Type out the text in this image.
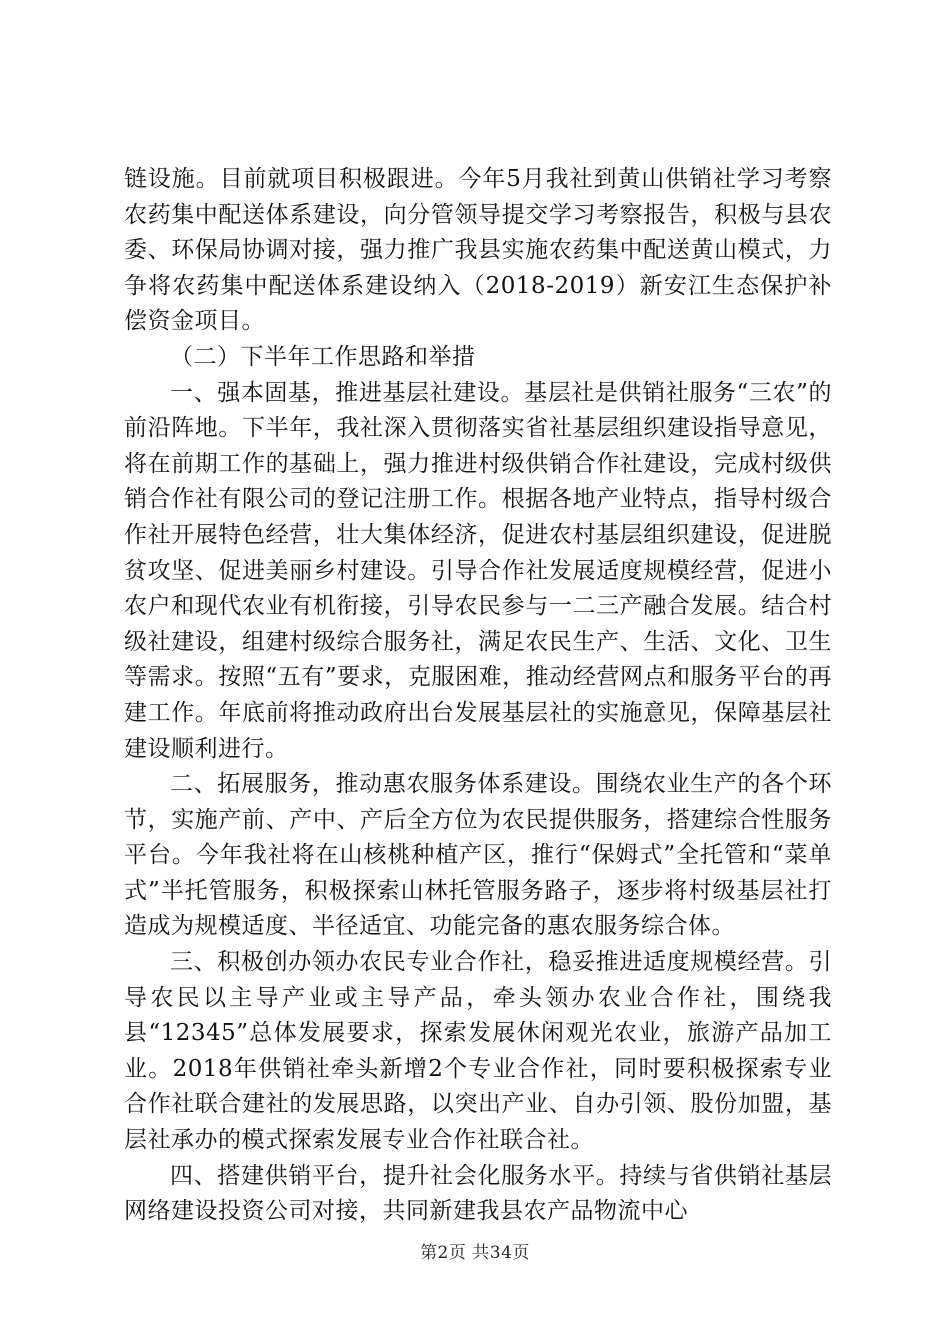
链设施。目前就项目积极跟进。今年5月我社到黄山供销社学习考察农药集中配送体系建设，向分管领导提交学习考察报告，积极与县农委、环保局协调对接，强力推广我县实施农药集中配送黄山模式，力争将农药集中配送体系建设纳入（2018-2019）新安江生态保护补偿资金项目。

（二）下半年工作思路和举措

一、强本固基，推进基层社建设。基层社是供销社服务“三农”的前沿阵地。下半年，我社深入贯彻落实省社基层组织建设指导意见，将在前期工作的基础上，强力推进村级供销合作社建设，完成村级供销合作社有限公司的登记注册工作。根据各地产业特点，指导村级合作社开展特色经营，壮大集体经济，促进农村基层组织建设，促进脱贫攻坚、促进美丽乡村建设。引导合作社发展适度规模经营，促进小农户和现代农业有机衔接，引导农民参与一二三产融合发展。结合村级社建设，组建村级综合服务社，满足农民生产、生活、文化、卫生等需求。按照“五有”要求，克服困难，推动经营网点和服务平台的再建工作。年底前将推动政府出台发展基层社的实施意见，保障基层社建设顺利进行。

二、拓展服务，推动惠农服务体系建设。围绕农业生产的各个环节，实施产前、产中、产后全方位为农民提供服务，搭建综合性服务平台。今年我社将在山核桃种植产区，推行“保姆式”全托管和“菜单式”半托管服务，积极探索山林托管服务路子，逐步将村级基层社打造成为规模适度、半径适宜、功能完备的惠农服务综合体。

三、积极创办领办农民专业合作社，稳妥推进适度规模经营。引导农民以主导产业或主导产品，牵头领办农业合作社，围绕我县“12345”总体发展要求，探索发展休闲观光农业，旅游产品加工业。2018年供销社牵头新增2个专业合作社，同时要积极探索专业合作社联合建社的发展思路，以突出产业、自办引领、股份加盟，基层社承办的模式探索发展专业合作社联合社。

四、搭建供销平台，提升社会化服务水平。持续与省供销社基层网络建设投资公司对接，共同新建我县农产品物流中心

第2页 共34页
